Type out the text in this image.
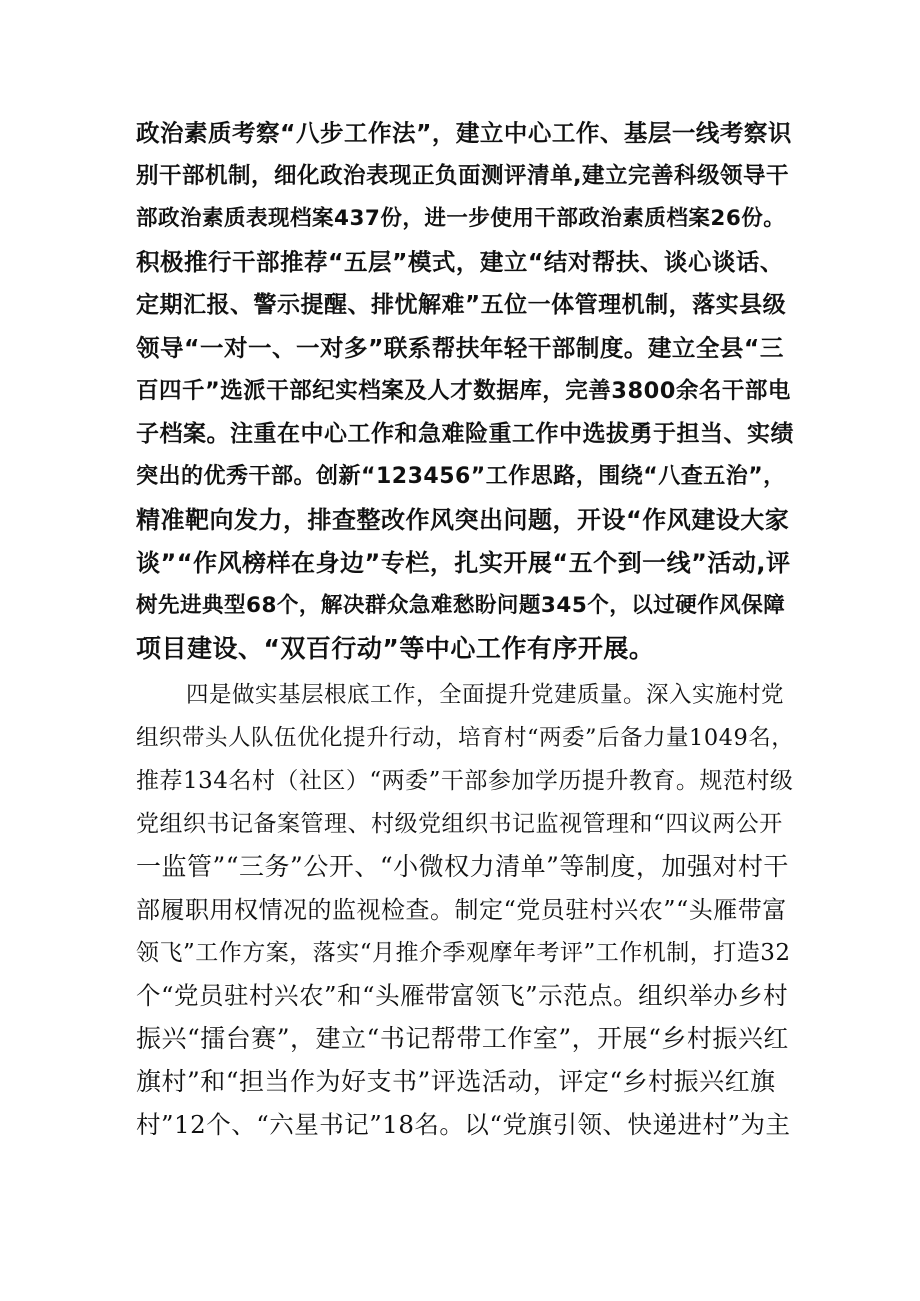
政治素质考察“八步工作法”，建立中心工作、基层一线考察识
别干部机制，细化政治表现正负面测评清单,建立完善科级领导干
部政治素质表现档案437份，进一步使用干部政治素质档案26份。
积极推行干部推荐“五层”模式，建立“结对帮扶、谈心谈话、
定期汇报、警示提醒、排忧解难”五位一体管理机制，落实县级
领导“一对一、一对多”联系帮扶年轻干部制度。建立全县“三
百四千”选派干部纪实档案及人才数据库，完善3800余名干部电
子档案。注重在中心工作和急难险重工作中选拔勇于担当、实绩
突出的优秀干部。创新“123456”工作思路，围绕“八查五治”，
精准靶向发力，排查整改作风突出问题，开设“作风建设大家
谈”“作风榜样在身边”专栏，扎实开展“五个到一线”活动,评
树先进典型68个，解决群众急难愁盼问题345个，以过硬作风保障
项目建设、“双百行动”等中心工作有序开展。
四是做实基层根底工作，全面提升党建质量。深入实施村党
组织带头人队伍优化提升行动，培育村“两委”后备力量1049名，
推荐134名村（社区）“两委”干部参加学历提升教育。规范村级
党组织书记备案管理、村级党组织书记监视管理和“四议两公开
一监管”“三务”公开、“小微权力清单”等制度，加强对村干
部履职用权情况的监视检查。制定“党员驻村兴农”“头雁带富
领飞”工作方案，落实“月推介季观摩年考评”工作机制，打造32
个“党员驻村兴农”和“头雁带富领飞”示范点。组织举办乡村
振兴“擂台赛”，建立“书记帮带工作室”，开展“乡村振兴红
旗村”和“担当作为好支书”评选活动，评定“乡村振兴红旗
村”12个、“六星书记”18名。以“党旗引领、快递进村”为主
